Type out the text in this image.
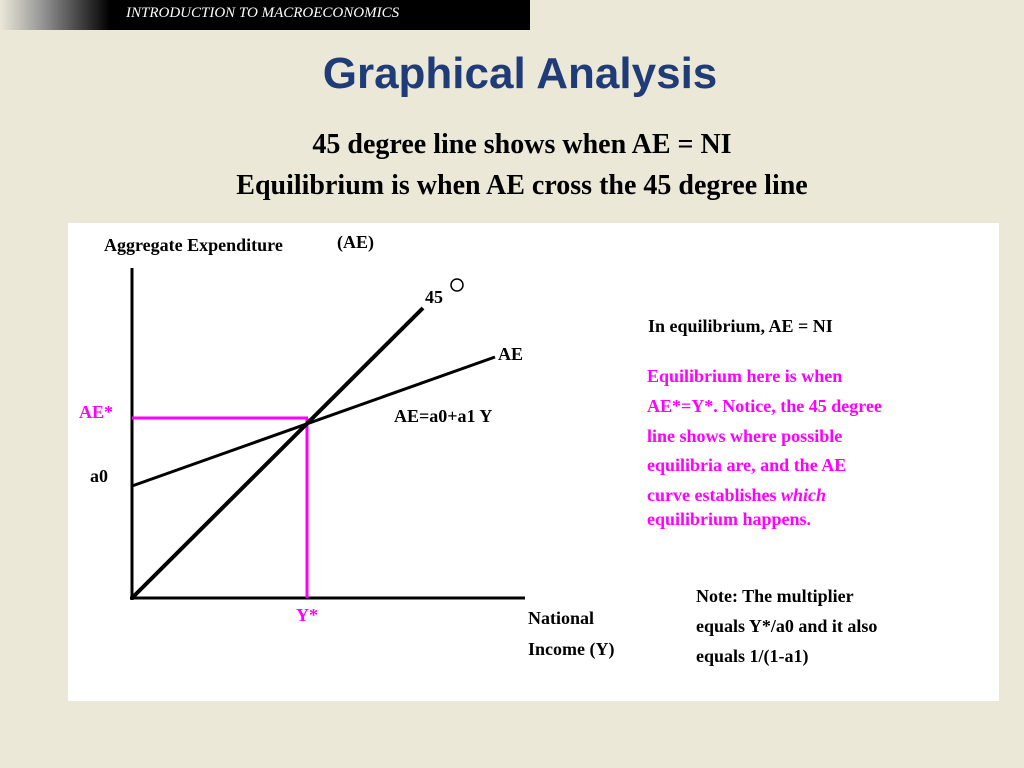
INTRODUCTION TO MACROECONOMICS
Graphical Analysis
45 degree line shows when AE = NI
Equilibrium is when AE cross the 45 degree line
Aggregate Expenditure	(AE)
National
Income (Y)
45
AE
AE=a0+a1 Y
AE*
a0
Y*
In equilibrium, AE = NI
Equilibrium here is when
AE*=Y*. Notice, the 45 degree
line shows where possible
equilibria are, and the AE
curve establishes which
equilibrium happens.
Note: The multiplier
equals Y*/a0 and it also
equals 1/(1-a1)
